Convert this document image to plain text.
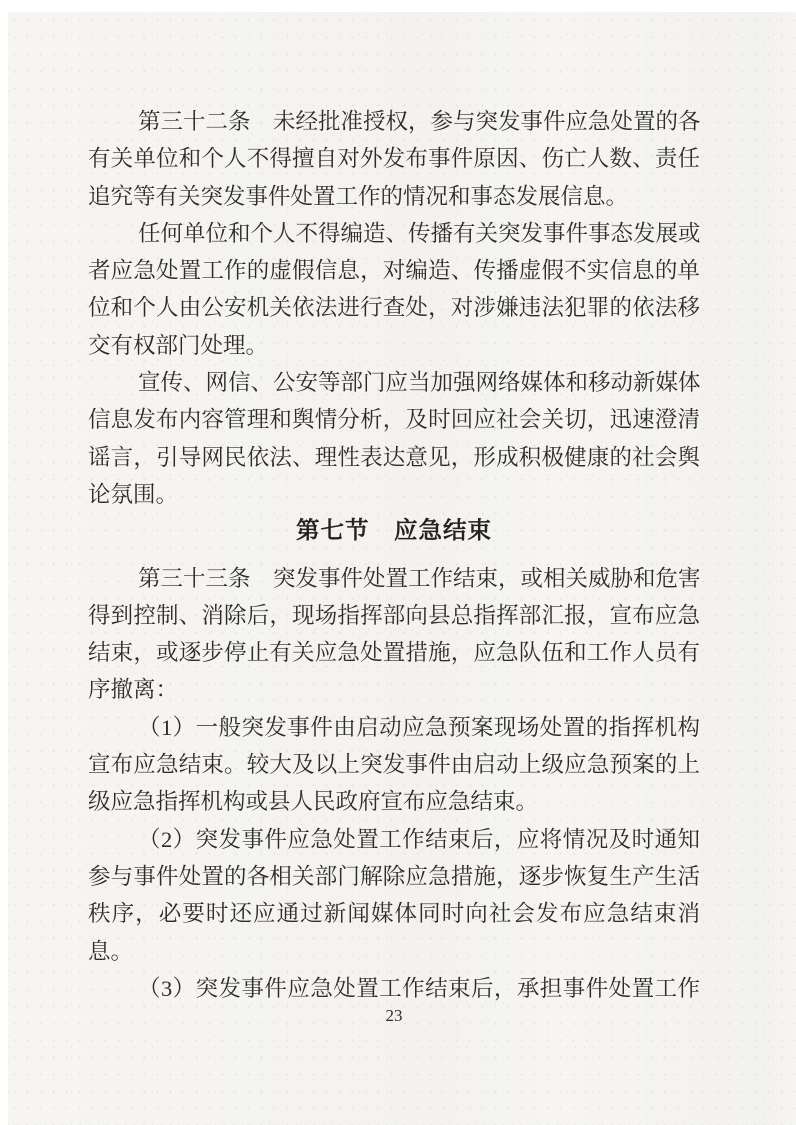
第三十二条　未经批准授权，参与突发事件应急处置的各
有关单位和个人不得擅自对外发布事件原因、伤亡人数、责任
追究等有关突发事件处置工作的情况和事态发展信息。
任何单位和个人不得编造、传播有关突发事件事态发展或
者应急处置工作的虚假信息，对编造、传播虚假不实信息的单
位和个人由公安机关依法进行查处，对涉嫌违法犯罪的依法移
交有权部门处理。
宣传、网信、公安等部门应当加强网络媒体和移动新媒体
信息发布内容管理和舆情分析，及时回应社会关切，迅速澄清
谣言，引导网民依法、理性表达意见，形成积极健康的社会舆
论氛围。
第七节　应急结束
第三十三条　突发事件处置工作结束，或相关威胁和危害
得到控制、消除后，现场指挥部向县总指挥部汇报，宣布应急
结束，或逐步停止有关应急处置措施，应急队伍和工作人员有
序撤离：
（1）一般突发事件由启动应急预案现场处置的指挥机构
宣布应急结束。较大及以上突发事件由启动上级应急预案的上
级应急指挥机构或县人民政府宣布应急结束。
（2）突发事件应急处置工作结束后，应将情况及时通知
参与事件处置的各相关部门解除应急措施，逐步恢复生产生活
秩序，必要时还应通过新闻媒体同时向社会发布应急结束消
息。
（3）突发事件应急处置工作结束后，承担事件处置工作
23
